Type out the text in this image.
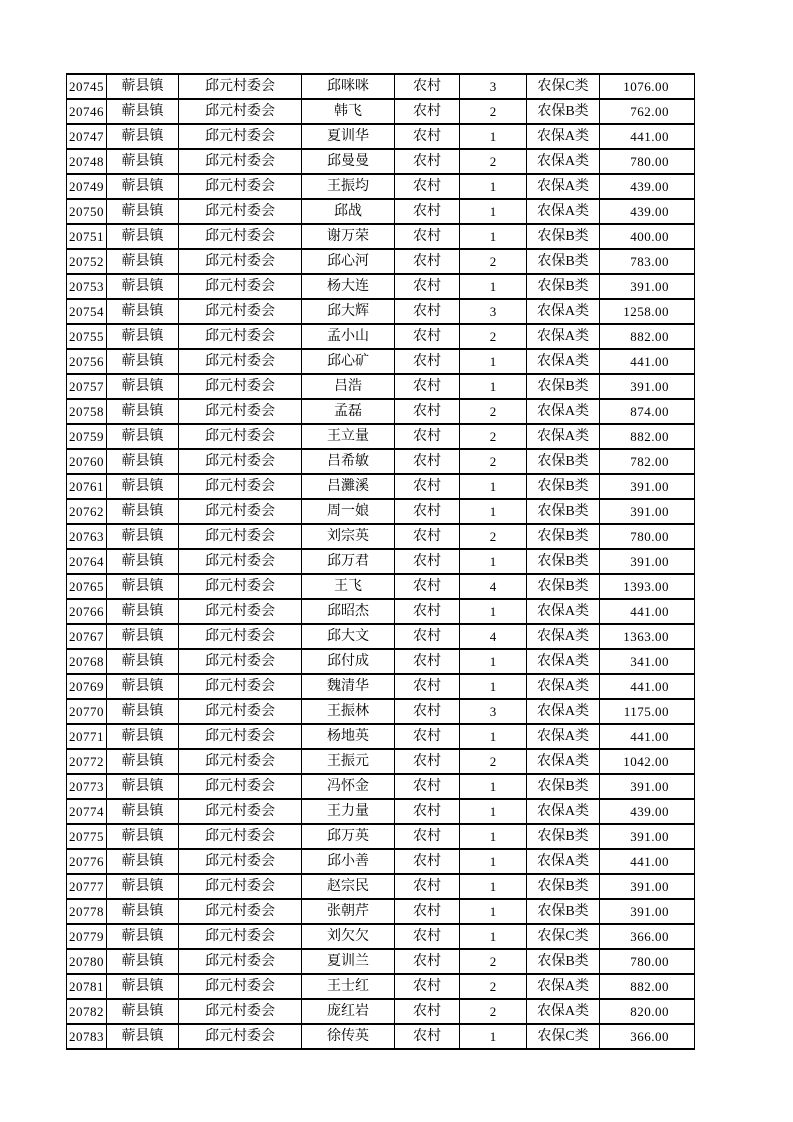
20745	蕲县镇	邱元村委会	邱咪咪	农村	3	农保C类	1076.00
20746	蕲县镇	邱元村委会	韩飞	农村	2	农保B类	762.00
20747	蕲县镇	邱元村委会	夏训华	农村	1	农保A类	441.00
20748	蕲县镇	邱元村委会	邱曼曼	农村	2	农保A类	780.00
20749	蕲县镇	邱元村委会	王振均	农村	1	农保A类	439.00
20750	蕲县镇	邱元村委会	邱战	农村	1	农保A类	439.00
20751	蕲县镇	邱元村委会	谢万荣	农村	1	农保B类	400.00
20752	蕲县镇	邱元村委会	邱心河	农村	2	农保B类	783.00
20753	蕲县镇	邱元村委会	杨大连	农村	1	农保B类	391.00
20754	蕲县镇	邱元村委会	邱大辉	农村	3	农保A类	1258.00
20755	蕲县镇	邱元村委会	孟小山	农村	2	农保A类	882.00
20756	蕲县镇	邱元村委会	邱心矿	农村	1	农保A类	441.00
20757	蕲县镇	邱元村委会	吕浩	农村	1	农保B类	391.00
20758	蕲县镇	邱元村委会	孟磊	农村	2	农保A类	874.00
20759	蕲县镇	邱元村委会	王立量	农村	2	农保A类	882.00
20760	蕲县镇	邱元村委会	吕希敏	农村	2	农保B类	782.00
20761	蕲县镇	邱元村委会	吕灘溪	农村	1	农保B类	391.00
20762	蕲县镇	邱元村委会	周一娘	农村	1	农保B类	391.00
20763	蕲县镇	邱元村委会	刘宗英	农村	2	农保B类	780.00
20764	蕲县镇	邱元村委会	邱万君	农村	1	农保B类	391.00
20765	蕲县镇	邱元村委会	王飞	农村	4	农保B类	1393.00
20766	蕲县镇	邱元村委会	邱昭杰	农村	1	农保A类	441.00
20767	蕲县镇	邱元村委会	邱大文	农村	4	农保A类	1363.00
20768	蕲县镇	邱元村委会	邱付成	农村	1	农保A类	341.00
20769	蕲县镇	邱元村委会	魏清华	农村	1	农保A类	441.00
20770	蕲县镇	邱元村委会	王振林	农村	3	农保A类	1175.00
20771	蕲县镇	邱元村委会	杨地英	农村	1	农保A类	441.00
20772	蕲县镇	邱元村委会	王振元	农村	2	农保A类	1042.00
20773	蕲县镇	邱元村委会	冯怀金	农村	1	农保B类	391.00
20774	蕲县镇	邱元村委会	王力量	农村	1	农保A类	439.00
20775	蕲县镇	邱元村委会	邱万英	农村	1	农保B类	391.00
20776	蕲县镇	邱元村委会	邱小善	农村	1	农保A类	441.00
20777	蕲县镇	邱元村委会	赵宗民	农村	1	农保B类	391.00
20778	蕲县镇	邱元村委会	张朝芹	农村	1	农保B类	391.00
20779	蕲县镇	邱元村委会	刘欠欠	农村	1	农保C类	366.00
20780	蕲县镇	邱元村委会	夏训兰	农村	2	农保B类	780.00
20781	蕲县镇	邱元村委会	王士红	农村	2	农保A类	882.00
20782	蕲县镇	邱元村委会	庞红岩	农村	2	农保A类	820.00
20783	蕲县镇	邱元村委会	徐传英	农村	1	农保C类	366.00
